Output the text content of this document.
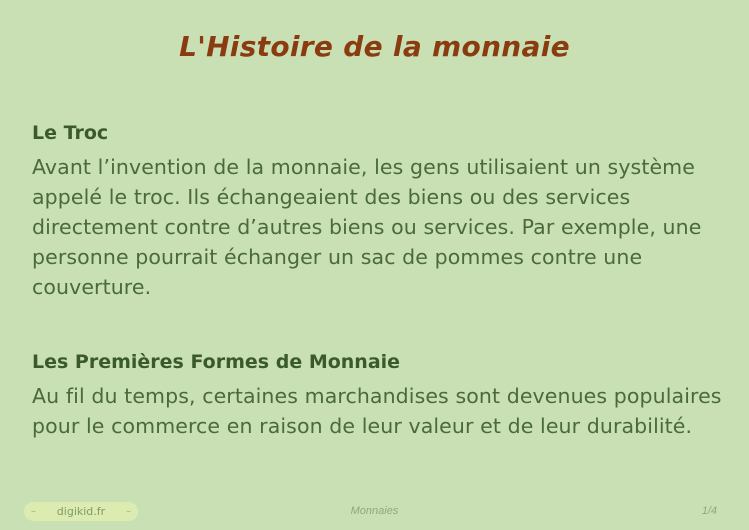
L'Histoire de la monnaie
Le Troc

Avant l’invention de la monnaie, les gens utilisaient un système appelé le troc. Ils échangeaient des biens ou des services directement contre d’autres biens ou services. Par exemple, une personne pourrait échanger un sac de pommes contre une couverture.

Les Premières Formes de Monnaie

Au fil du temps, certaines marchandises sont devenues populaires pour le commerce en raison de leur valeur et de leur durabilité.

– digikid.fr –	Monnaies	1/4
